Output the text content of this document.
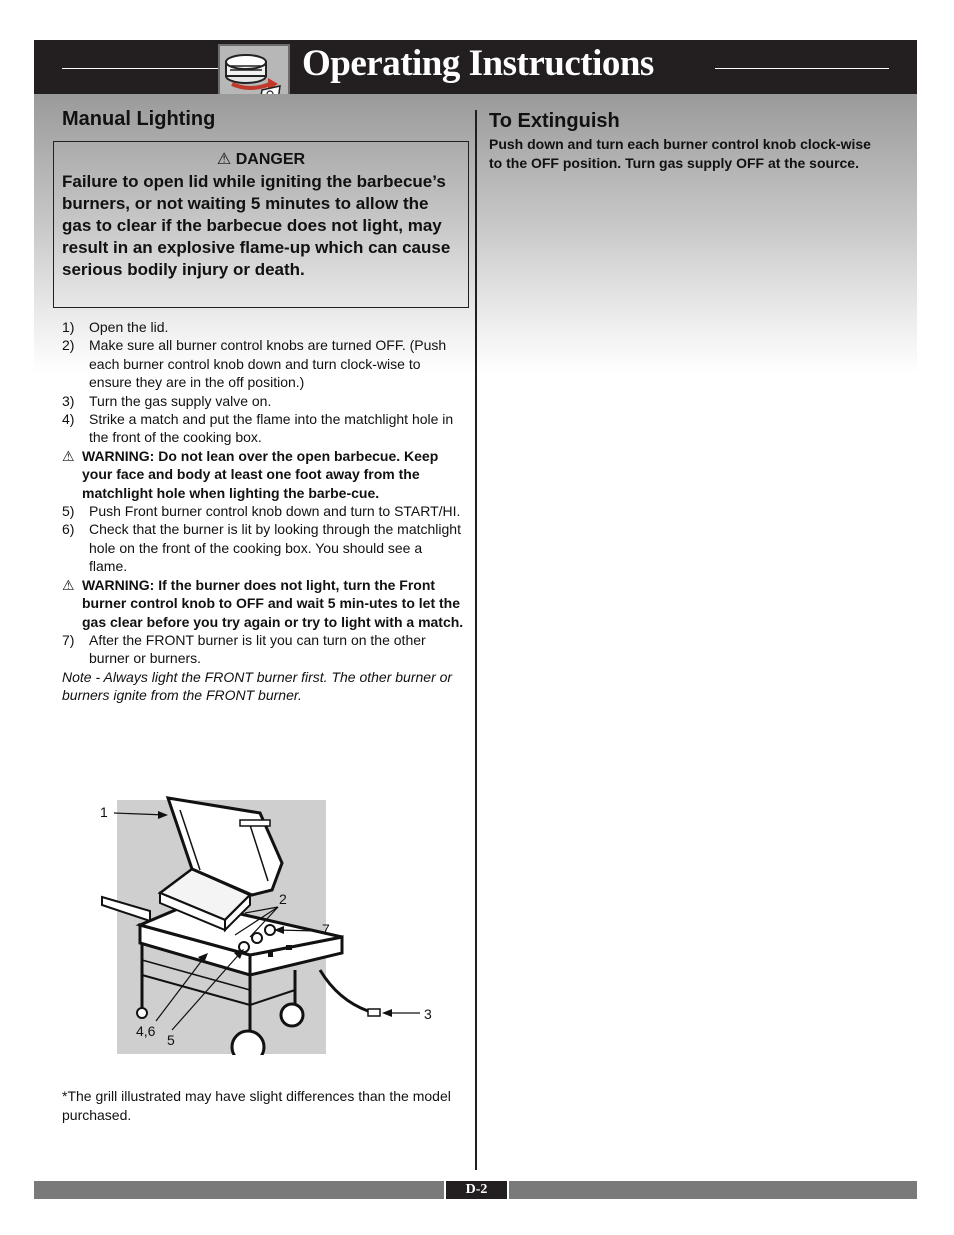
Operating Instructions
Manual Lighting
⚠ DANGER
Failure to open lid while igniting the barbecue’s burners, or not waiting 5 minutes to allow the gas to clear if the barbecue does not light, may result in an explosive flame-up which can cause serious bodily injury or death.
1) Open the lid.
2) Make sure all burner control knobs are turned OFF. (Push each burner control knob down and turn clock-wise to ensure they are in the off position.)
3) Turn the gas supply valve on.
4) Strike a match and put the flame into the matchlight hole in the front of the cooking box.
⚠ WARNING: Do not lean over the open barbecue. Keep your face and body at least one foot away from the matchlight hole when lighting the barbe-cue.
5) Push Front burner control knob down and turn to START/HI.
6) Check that the burner is lit by looking through the matchlight hole on the front of the cooking box. You should see a flame.
⚠ WARNING: If the burner does not light, turn the Front burner control knob to OFF and wait 5 min-utes to let the gas clear before you try again or try to light with a match.
7) After the FRONT burner is lit you can turn on the other burner or burners.
Note - Always light the FRONT burner first. The other burner or burners ignite from the FRONT burner.
1
2
7
3
4,6
5
*The grill illustrated may have slight differences than the model purchased.
To Extinguish
Push down and turn each burner control knob clock-wise to the OFF position. Turn gas supply OFF at the source.
D-2
